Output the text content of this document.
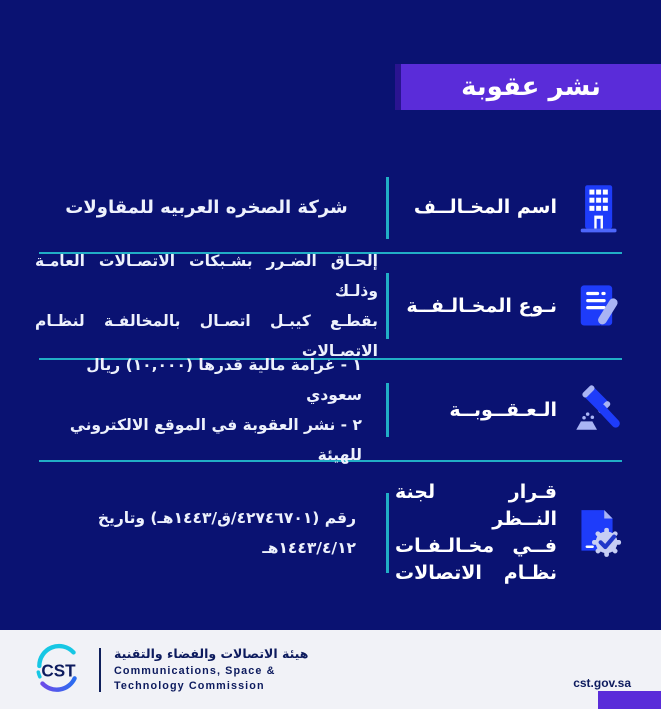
نشر عقوبة
اسم المخـالــف
شركة الصخره العربيه للمقاولات
نـوع المخـالـفــة
إلحـاق الضـرر بشـبكات الاتصـالات العامـة وذلـك
بقطـع كيبـل اتصـال بالمخالفـة لنظـام الاتصـالات
الـعـقــوبــة
١ - غرامة مالية قدرها (١٠,٠٠٠) ريال سعودي
٢ - نشر العقوبة في الموقع الالكتروني للهيئة
قـرار لجنة النــظر
فــي مخـالـفـات
نظـام الاتصالات
رقم (٤٢٧٤٦٧٠١/ق/١٤٤٣هـ) وتاريخ ١٤٤٣/٤/١٢هـ
CST
هيئة الاتصالات والفضاء والتقنية
Communications, Space &
Technology Commission	cst.gov.sa
